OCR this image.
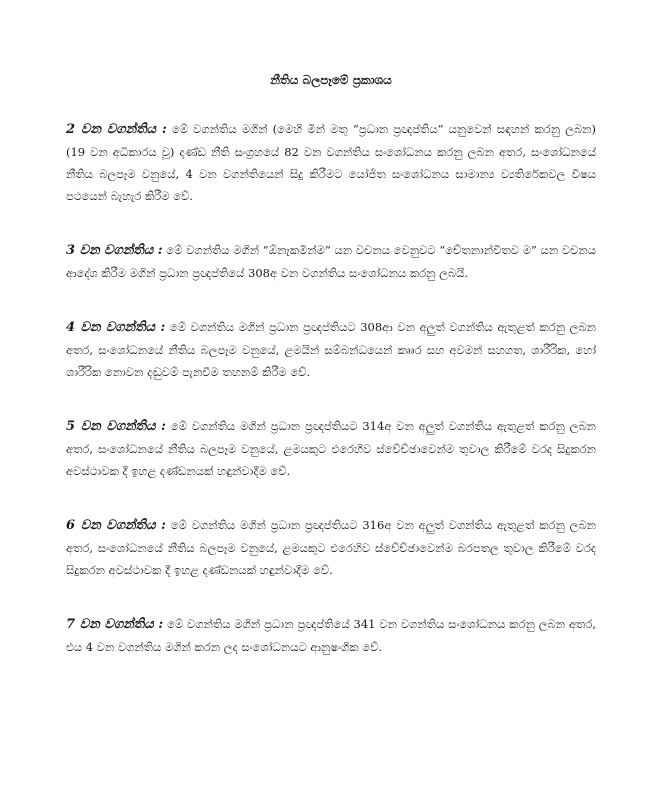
නීතිය බලපෑමේ ප්‍රකාශය

2 වන වගන්තිය : මේ වගන්තිය මගින් (මෙහි මින් මතු “ප්‍රධාන ප්‍රඥප්තිය” යනුවෙන් සඳහන් කරනු ලබන) (19 වන අධිකාරය වූ) දණ්ඩ නීති සංග්‍රහයේ 82 වන වගන්තිය සංශෝධනය කරනු ලබන අතර, සංශෝධනයේ නීතිය බලපෑම වනුයේ, 4 වන වගන්තියෙන් සිදු කිරීමට යෝජිත සංශෝධනය සාමාන්‍ය ව්‍යතිරේකවල විෂය පථයෙන් බැහැර කිරීම වේ.

3 වන වගන්තිය : මේ වගන්තිය මගින් “ඕනෑකමින්ම” යන වචනය වෙනුවට “චේතනාන්විතව ම” යන වචනය ආදේශ කිරීම මගින් ප්‍රධාන ප්‍රඥප්තියේ 308අ වන වගන්තිය සංශෝධනය කරනු ලබයි.

4 වන වගන්තිය : මේ වගන්තිය මගින් ප්‍රධාන ප්‍රඥප්තියට 308ආ වන අලුත් වගන්තිය ඇතුළත් කරනු ලබන අතර, සංශෝධනයේ නීතිය බලපෑම වනුයේ, ළමයින් සම්බන්ධයෙන් කෲර සහ අවමන් සහගත, ශාරීරික, හෝ ශාරීරික නොවන දඬුවම් පැනවීම තහනම් කිරීම වේ.

5 වන වගන්තිය : මේ වගන්තිය මගින් ප්‍රධාන ප්‍රඥප්තියට 314අ වන අලුත් වගන්තිය ඇතුළත් කරනු ලබන අතර, සංශෝධනයේ නීතිය බලපෑම වනුයේ, ළමයකුට එරෙහිව ස්වේච්ඡාවෙන්ම තුවාල කිරීමේ වරද සිදුකරන අවස්ථාවක දී ඉහළ දණ්ඩනයක් හඳුන්වාදීම වේ.

6 වන වගන්තිය : මේ වගන්තිය මගින් ප්‍රධාන ප්‍රඥප්තියට 316අ වන අලුත් වගන්තිය ඇතුළත් කරනු ලබන අතර, සංශෝධනයේ නීතිය බලපෑම වනුයේ, ළමයකුට එරෙහිව ස්වේච්ඡාවෙන්ම බරපතල තුවාල කිරීමේ වරද සිදුකරන අවස්ථාවක දී ඉහළ දණ්ඩනයක් හඳුන්වාදීම වේ.

7 වන වගන්තිය : මේ වගන්තිය මගින් ප්‍රධාන ප්‍රඥප්තියේ 341 වන වගන්තිය සංශෝධනය කරනු ලබන අතර, එය 4 වන වගන්තිය මගින් කරන ලද සංශෝධනයට ආනුෂංගික වේ.
